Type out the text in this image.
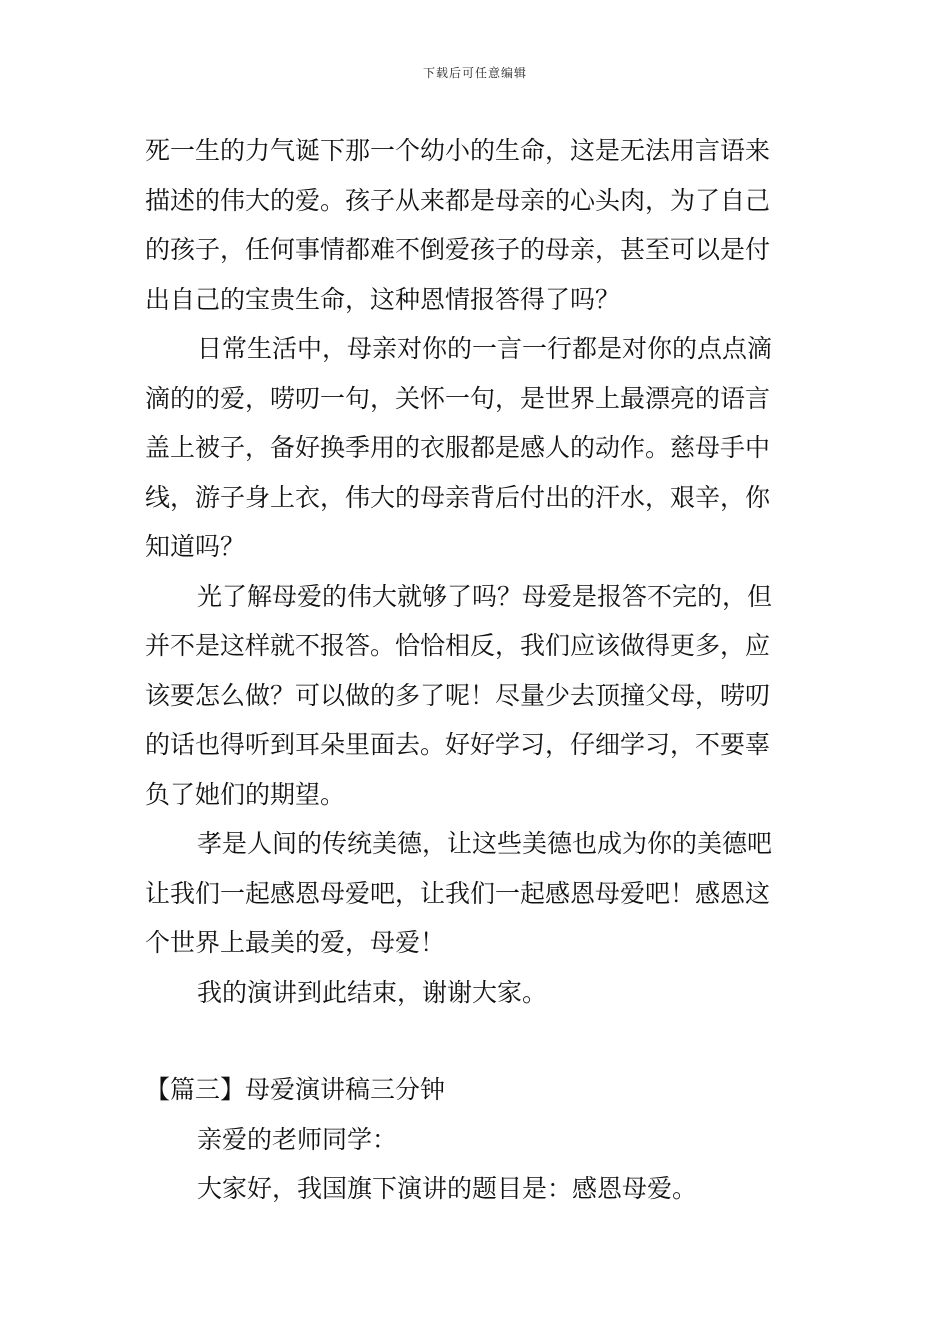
下载后可任意编辑
死一生的力气诞下那一个幼小的生命，这是无法用言语来
描述的伟大的爱。孩子从来都是母亲的心头肉，为了自己
的孩子，任何事情都难不倒爱孩子的母亲，甚至可以是付
出自己的宝贵生命，这种恩情报答得了吗？
日常生活中，母亲对你的一言一行都是对你的点点滴
滴的的爱，唠叨一句，关怀一句，是世界上最漂亮的语言
盖上被子，备好换季用的衣服都是感人的动作。慈母手中
线，游子身上衣，伟大的母亲背后付出的汗水，艰辛，你
知道吗？
光了解母爱的伟大就够了吗？母爱是报答不完的，但
并不是这样就不报答。恰恰相反，我们应该做得更多，应
该要怎么做？可以做的多了呢！尽量少去顶撞父母，唠叨
的话也得听到耳朵里面去。好好学习，仔细学习，不要辜
负了她们的期望。
孝是人间的传统美德，让这些美德也成为你的美德吧
让我们一起感恩母爱吧，让我们一起感恩母爱吧！感恩这
个世界上最美的爱，母爱！
我的演讲到此结束，谢谢大家。
【篇三】母爱演讲稿三分钟
亲爱的老师同学：
大家好，我国旗下演讲的题目是：感恩母爱。
